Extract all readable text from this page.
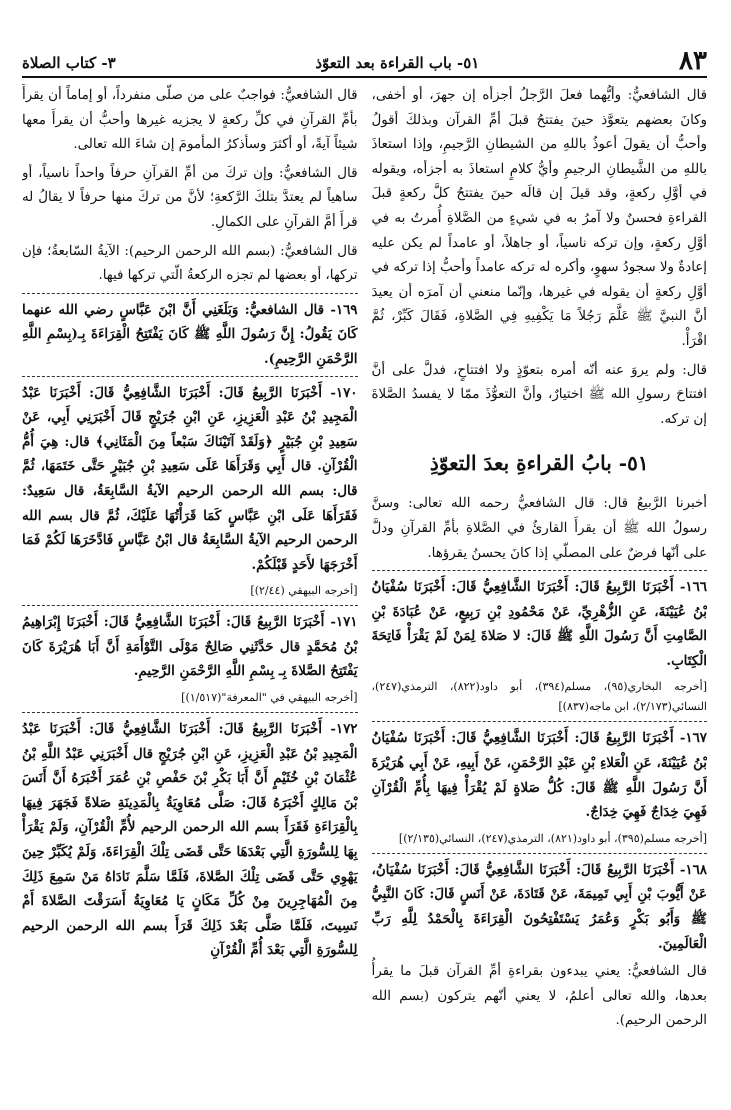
٣- كتاب الصلاة	٥١- باب القراءة بعد التعوّذ	٨٣

قال الشافعيُّ: وأيُّهما فعلَ الرَّجلُ أجزأه إن جهرَ، أو أخفى، وكانَ بعضهم يتعوَّذ حينَ يفتتحُ قبلَ أمِّ القرآن وبذلكَ أقولُ وأحبُّ أن يقولَ أعوذُ باللهِ من الشيطانِ الرَّجيمِ، وإذا استعاذَ باللهِ من الشَّيطانِ الرجيمِ وأيُّ كلامٍ استعاذَ به أجزأه، ويقوله في أوَّلِ ركعةٍ، وقد قيلَ إن قالَه حينَ يفتتحُ كلَّ ركعةٍ قبلَ القراءةِ فحسنٌ ولا آمرُ به في شيءٍ من الصَّلاةِ أُمرتُ به في أوَّلِ ركعةٍ، وإن تركه ناسياً، أو جاهلاً، أو عامداً لم يكن عليه إعادةٌ ولا سجودُ سهوٍ، وأكره له تركه عامداً وأحبُّ إذا تركه في أوَّلِ ركعةٍ أن يقوله في غيرها، وإنّما منعني أن آمرَه أن يعيدَ أنَّ النبيَّ ﷺ عَلَّمَ رَجُلاً مَا يَكْفِيهِ فِي الصَّلاةِ، فَقَالَ كَبِّرْ، ثُمَّ اقْرَأْ.

قال: ولم يروَ عنه أنّه أمره بتعوّذٍ ولا افتتاحٍ، فدلَّ على أنَّ افتتاحَ رسولِ الله ﷺ اختيارٌ، وأنَّ التعوُّذَ ممّا لا يفسدُ الصَّلاةَ إن تركه.

٥١- بابُ القراءةِ بعدَ التعوّذِ

أخبرنا الرَّبيعُ قال: قال الشافعيُّ رحمه الله تعالى: وسنَّ رسولُ الله ﷺ أن يقرأَ القارئُ في الصَّلاةِ بأمِّ القرآنِ ودلَّ على أنّها فرضٌ على المصلّي إذا كانَ يحسنُ يقرؤها.

١٦٦- أَخْبَرَنَا الرَّبِيعُ قَالَ: أَخْبَرَنَا الشَّافِعِيُّ قَالَ: أَخْبَرَنَا سُفْيَانُ بْنُ عُيَيْنَةَ، عَنِ الزُّهْرِيِّ، عَنْ مَحْمُودِ بْنِ رَبِيعٍ، عَنْ عُبَادَةَ بْنِ الصَّامِتِ أَنَّ رَسُولَ اللَّهِ ﷺ قَالَ: لا صَلاةَ لِمَنْ لَمْ يَقْرَأْ فَاتِحَةَ الْكِتَابِ.

[أخرجه البخاري(٩٥)، مسلم(٣٩٤)، أبو داود(٨٢٢)، الترمذي(٢٤٧)، النسائي(٢/١٧٣)، ابن ماجه(٨٣٧)]

١٦٧- أَخْبَرَنَا الرَّبِيعُ قَالَ: أَخْبَرَنَا الشَّافِعِيُّ قَالَ: أَخْبَرَنَا سُفْيَانُ بْنُ عُيَيْنَةَ، عَنِ الْعَلاءِ بْنِ عَبْدِ الرَّحْمَنِ، عَنْ أَبِيهِ، عَنْ أَبِي هُرَيْرَةَ أَنَّ رَسُولَ اللَّهِ ﷺ قَالَ: كُلُّ صَلاةٍ لَمْ يُقْرَأْ فِيهَا بِأُمِّ الْقُرْآنِ فَهِيَ خِدَاجٌ فَهِيَ خِدَاجٌ.

[أخرجه مسلم(٣٩٥)، أبو داود(٨٢١)، الترمذي(٢٤٧)، النسائي(٢/١٣٥)]

١٦٨- أَخْبَرَنَا الرَّبِيعُ قَالَ: أَخْبَرَنَا الشَّافِعِيُّ قَالَ: أَخْبَرَنَا سُفْيَانُ، عَنْ أَيُّوبَ بْنِ أَبِي تَمِيمَةَ، عَنْ قَتَادَةَ، عَنْ أَنَسٍ قَالَ: كَانَ النَّبِيُّ ﷺ وَأَبُو بَكْرٍ وَعُمَرُ يَسْتَفْتِحُونَ الْقِرَاءَةَ بِالْحَمْدُ لِلَّهِ رَبِّ الْعَالَمِينَ.

قال الشافعيُّ: يعني يبدءون بقراءةِ أمِّ القرآن قبلَ ما يقرأُ بعدها، والله تعالى أعلمُ، لا يعني أنّهم يتركون (بسم الله الرحمن الرحيم).

قال الشافعيُّ: فواجبٌ على من صلّى منفرداً، أو إماماً أن يقرأَ بأمِّ القرآنِ في كلِّ ركعةٍ لا يجزيه غيرها وأحبُّ أن يقرأَ معها شيئاً آيةً، أو أكثرَ وسأذكرُ المأمومَ إن شاءَ الله تعالى.

قال الشافعيُّ: وإن تركَ من أمِّ القرآنِ حرفاً واحداً ناسياً، أو ساهياً لم يعتدَّ بتلكَ الرَّكعةِ؛ لأنَّ من تركَ منها حرفاً لا يقالُ له قرأَ أمَّ القرآنِ على الكمالِ.

قال الشافعيُّ: (بسم الله الرحمن الرحيم): الآيةُ السّابعةُ؛ فإن تركها، أو بعضها لم تجزه الركعةُ الّتي تركها فيها.

١٦٩- قال الشافعيُّ: وَبَلَغَنِي أَنَّ ابْنَ عَبَّاسٍ رضي الله عنهما كَانَ يَقُولُ: إِنَّ رَسُولَ اللَّهِ ﷺ كَانَ يَفْتَتِحُ الْقِرَاءَةَ بِـ(بِسْمِ اللَّهِ الرَّحْمَنِ الرَّحِيمِ).

١٧٠- أَخْبَرَنَا الرَّبِيعُ قَالَ: أَخْبَرَنَا الشَّافِعِيُّ قَالَ: أَخْبَرَنَا عَبْدُ الْمَجِيدِ بْنُ عَبْدِ الْعَزِيزِ، عَنِ ابْنِ جُرَيْجٍ قَالَ أَخْبَرَنِي أَبِي، عَنْ سَعِيدِ بْنِ جُبَيْرٍ ﴿وَلَقَدْ آتَيْنَاكَ سَبْعاً مِنَ الْمَثَانِي﴾ قال: هِيَ أُمُّ الْقُرْآنِ. قال أَبِي وَقَرَأَهَا عَلَى سَعِيدِ بْنِ جُبَيْرٍ حَتَّى خَتَمَهَا، ثُمَّ قال: بسم الله الرحمن الرحيم الآيةُ السَّابِعَةُ، قال سَعِيدٌ: فَقَرَأَهَا عَلَى ابْنِ عَبَّاسٍ كَمَا قَرَأْتُهَا عَلَيْكَ، ثُمَّ قال بسم الله الرحمن الرحيم الآيةُ السَّابِعَةُ قال ابْنُ عَبَّاسٍ فَادَّخَرَهَا لَكُمْ فَمَا أَخْرَجَهَا لأَحَدٍ قَبْلَكُمْ.

[أخرجه البيهقي (٢/٤٤)]

١٧١- أَخْبَرَنَا الرَّبِيعُ قَالَ: أَخْبَرَنَا الشَّافِعِيُّ قَالَ: أَخْبَرَنَا إِبْرَاهِيمُ بْنُ مُحَمَّدٍ قال حَدَّثَنِي صَالِحٌ مَوْلَى التَّوْأَمَةِ أَنَّ أَبَا هُرَيْرَةَ كَانَ يَفْتَتِحُ الصَّلاةَ بِـ بِسْمِ اللَّهِ الرَّحْمَنِ الرَّحِيمِ.

[أخرجه البيهقي في "المعرفة"(١/٥١٧)]

١٧٢- أَخْبَرَنَا الرَّبِيعُ قَالَ: أَخْبَرَنَا الشَّافِعِيُّ قَالَ: أَخْبَرَنَا عَبْدُ الْمَجِيدِ بْنُ عَبْدِ الْعَزِيزِ، عَنِ ابْنِ جُرَيْجٍ قال أَخْبَرَنِي عَبْدُ اللَّهِ بْنُ عُثْمَانَ بْنِ خُثَيْمٍ أَنَّ أَبَا بَكْرِ بْنَ حَفْصِ بْنِ عُمَرَ أَخْبَرَهُ أَنَّ أَنَسَ بْنَ مَالِكٍ أَخْبَرَهُ قَالَ: صَلَّى مُعَاوِيَةُ بِالْمَدِينَةِ صَلاةً فَجَهَرَ فِيهَا بِالْقِرَاءَةِ فَقَرَأَ بسم الله الرحمن الرحيم لأُمِّ الْقُرْآنِ، وَلَمْ يَقْرَأْ بِهَا لِلسُّورَةِ الَّتِي بَعْدَهَا حَتَّى قَضَى تِلْكَ الْقِرَاءَةَ، وَلَمْ يُكَبِّرْ حِينَ يَهْوِي حَتَّى قَضَى تِلْكَ الصَّلاةَ، فَلَمَّا سَلَّمَ نَادَاهُ مَنْ سَمِعَ ذَلِكَ مِنَ الْمُهَاجِرِينَ مِنْ كُلِّ مَكَانٍ يَا مُعَاوِيَةُ أَسَرَقْتَ الصَّلاةَ أَمْ نَسِيتَ، فَلَمَّا صَلَّى بَعْدَ ذَلِكَ قَرَأَ بسم الله الرحمن الرحيم لِلسُّورَةِ الَّتِي بَعْدَ أُمِّ الْقُرْآنِ
